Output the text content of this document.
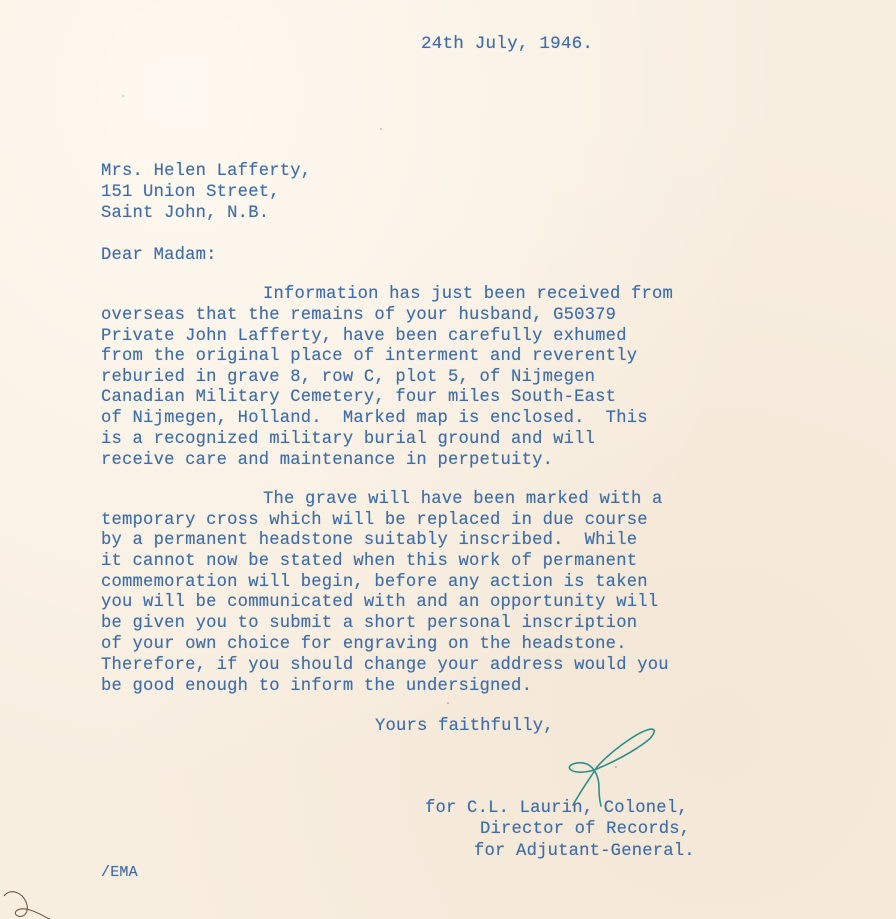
24th July, 1946.
Mrs. Helen Lafferty,
151 Union Street,
Saint John, N.B.
Dear Madam:
Information has just been received from
overseas that the remains of your husband, G50379
Private John Lafferty, have been carefully exhumed
from the original place of interment and reverently
reburied in grave 8, row C, plot 5, of Nijmegen
Canadian Military Cemetery, four miles South-East
of Nijmegen, Holland.  Marked map is enclosed.  This
is a recognized military burial ground and will
receive care and maintenance in perpetuity.
The grave will have been marked with a
temporary cross which will be replaced in due course
by a permanent headstone suitably inscribed.  While
it cannot now be stated when this work of permanent
commemoration will begin, before any action is taken
you will be communicated with and an opportunity will
be given you to submit a short personal inscription
of your own choice for engraving on the headstone.
Therefore, if you should change your address would you
be good enough to inform the undersigned.
Yours faithfully,
for C.L. Laurin, Colonel,
Director of Records,
for Adjutant-General.
/EMA
